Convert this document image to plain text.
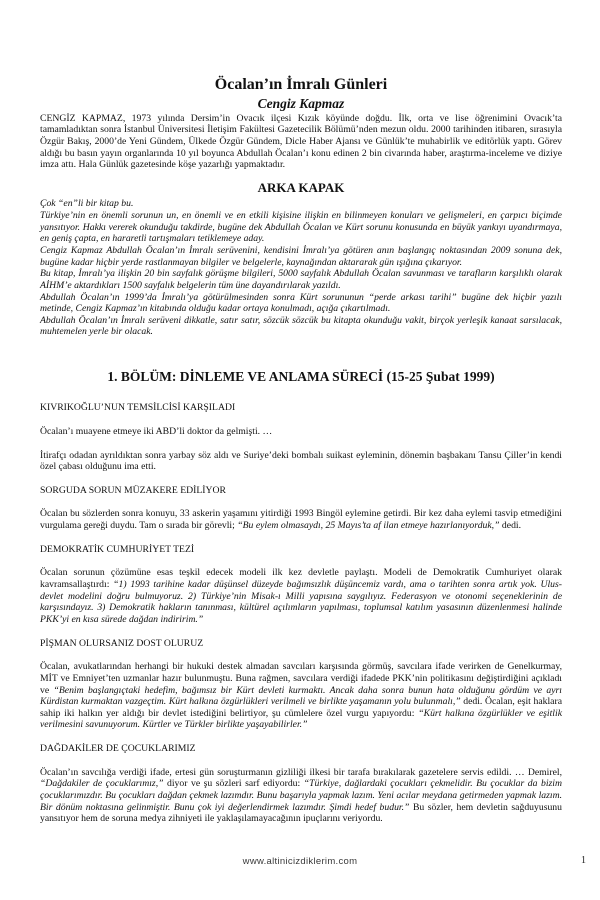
Öcalan’ın İmralı Günleri
Cengiz Kapmaz

CENGİZ KAPMAZ, 1973 yılında Dersim’in Ovacık ilçesi Kızık köyünde doğdu. İlk, orta ve lise öğrenimini Ovacık’ta tamamladıktan sonra İstanbul Üniversitesi İletişim Fakültesi Gazetecilik Bölümü’nden mezun oldu. 2000 tarihinden itibaren, sırasıyla Özgür Bakış, 2000’de Yeni Gündem, Ülkede Özgür Gündem, Dicle Haber Ajansı ve Günlük’te muhabirlik ve editörlük yaptı. Görev aldığı bu basın yayın organlarında 10 yıl boyunca Abdullah Öcalan’ı konu edinen 2 bin civarında haber, araştırma-inceleme ve diziye imza attı. Hala Günlük gazetesinde köşe yazarlığı yapmaktadır.

ARKA KAPAK

Çok “en”li bir kitap bu.

Türkiye’nin en önemli sorunun un, en önemli ve en etkili kişisine ilişkin en bilinmeyen konuları ve gelişmeleri, en çarpıcı biçimde yansıtıyor. Hakkı vererek okunduğu takdirde, bugüne dek Abdullah Öcalan ve Kürt sorunu konusunda en büyük yankıyı uyandırmaya, en geniş çapta, en hararetli tartışmaları tetiklemeye aday.

Cengiz Kapmaz Abdullah Öcalan’ın İmralı serüvenini, kendisini İmralı’ya götüren anın başlangıç noktasından 2009 sonuna dek, bugüne kadar hiçbir yerde rastlanmayan bilgiler ve belgelerle, kaynağından aktararak gün ışığına çıkarıyor.

Bu kitap, İmralı’ya ilişkin 20 bin sayfalık görüşme bilgileri, 5000 sayfalık Abdullah Öcalan savunması ve tarafların karşılıklı olarak AİHM’e aktardıkları 1500 sayfalık belgelerin tüm üne dayandırılarak yazıldı.

Abdullah Öcalan’ın 1999’da İmralı’ya götürülmesinden sonra Kürt sorununun “perde arkası tarihi” bugüne dek hiçbir yazılı metinde, Cengiz Kapmaz’ın kitabında olduğu kadar ortaya konulmadı, açığa çıkartılmadı.

Abdullah Öcalan’ın İmralı serüveni dikkatle, satır satır, sözcük sözcük bu kitapta okunduğu vakit, birçok yerleşik kanaat sarsılacak, muhtemelen yerle bir olacak.

1. BÖLÜM: DİNLEME VE ANLAMA SÜRECİ (15-25 Şubat 1999)

KIVRIKOĞLU’NUN TEMSİLCİSİ KARŞILADI

Öcalan’ı muayene etmeye iki ABD’li doktor da gelmişti. …

İtirafçı odadan ayrıldıktan sonra yarbay söz aldı ve Suriye’deki bombalı suikast eyleminin, dönemin başbakanı Tansu Çiller’in kendi özel çabası olduğunu ima etti.

SORGUDA SORUN MÜZAKERE EDİLİYOR

Öcalan bu sözlerden sonra konuyu, 33 askerin yaşamını yitirdiği 1993 Bingöl eylemine getirdi. Bir kez daha eylemi tasvip etmediğini vurgulama gereği duydu. Tam o sırada bir görevli; “Bu eylem olmasaydı, 25 Mayıs’ta af ilan etmeye hazırlanıyorduk,” dedi.

DEMOKRATİK CUMHURİYET TEZİ

Öcalan sorunun çözümüne esas teşkil edecek modeli ilk kez devletle paylaştı. Modeli de Demokratik Cumhuriyet olarak kavramsallaştırdı: “1) 1993 tarihine kadar düşünsel düzeyde bağımsızlık düşüncemiz vardı, ama o tarihten sonra artık yok. Ulus-devlet modelini doğru bulmuyoruz. 2) Türkiye’nin Misak-ı Milli yapısına saygılıyız. Federasyon ve otonomi seçeneklerinin de karşısındayız. 3) Demokratik hakların tanınması, kültürel açılımların yapılması, toplumsal katılım yasasının düzenlenmesi halinde PKK’yi en kısa sürede dağdan indiririm.”

PİŞMAN OLURSANIZ DOST OLURUZ

Öcalan, avukatlarından herhangi bir hukuki destek almadan savcıları karşısında görmüş, savcılara ifade verirken de Genelkurmay, MİT ve Emniyet’ten uzmanlar hazır bulunmuştu. Buna rağmen, savcılara verdiği ifadede PKK’nin politikasını değiştirdiğini açıkladı ve “Benim başlangıçtaki hedefim, bağımsız bir Kürt devleti kurmaktı. Ancak daha sonra bunun hata olduğunu gördüm ve ayrı Kürdistan kurmaktan vazgeçtim. Kürt halkına özgürlükleri verilmeli ve birlikte yaşamanın yolu bulunmalı,” dedi. Öcalan, eşit haklara sahip iki halkın yer aldığı bir devlet istediğini belirtiyor, şu cümlelere özel vurgu yapıyordu: “Kürt halkına özgürlükler ve eşitlik verilmesini savunuyorum. Kürtler ve Türkler birlikte yaşayabilirler.”

DAĞDAKİLER DE ÇOCUKLARIMIZ

Öcalan’ın savcılığa verdiği ifade, ertesi gün soruşturmanın gizliliği ilkesi bir tarafa bırakılarak gazetelere servis edildi. … Demirel, “Dağdakiler de çocuklarımız,” diyor ve şu sözleri sarf ediyordu: “Türkiye, dağlardaki çocukları çekmelidir. Bu çocuklar da bizim çocuklarımızdır. Bu çocukları dağdan çekmek lazımdır. Bunu başarıyla yapmak lazım. Yeni acılar meydana getirmeden yapmak lazım. Bir dönüm noktasına gelinmiştir. Bunu çok iyi değerlendirmek lazımdır. Şimdi hedef budur.” Bu sözler, hem devletin sağduyusunu yansıtıyor hem de soruna medya zihniyeti ile yaklaşılamayacağının ipuçlarını veriyordu.

www.altinicizdiklerim.com	1
